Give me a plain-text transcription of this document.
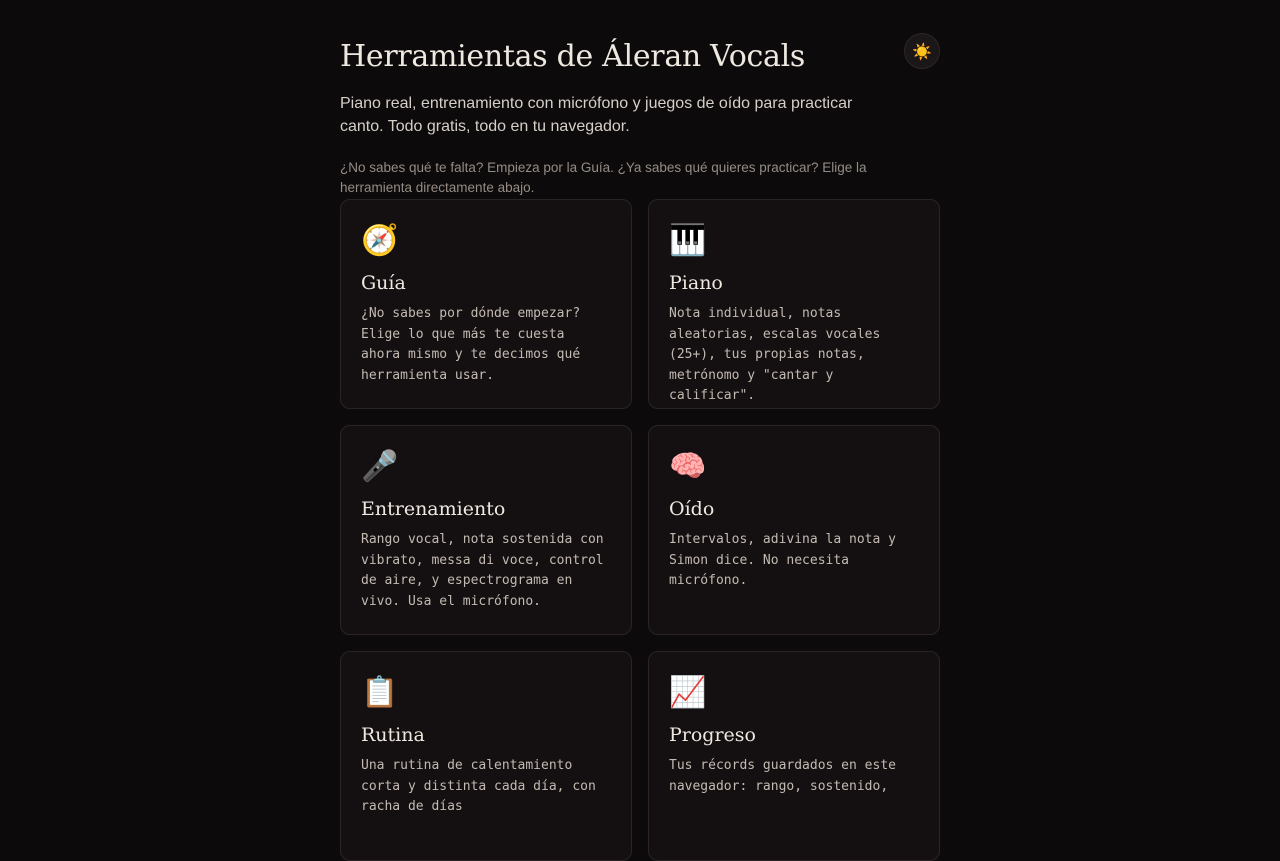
Herramientas de Áleran Vocals	☀️

Piano real, entrenamiento con micrófono y juegos de oído para practicar canto. Todo gratis, todo en tu navegador.

¿No sabes qué te falta? Empieza por la Guía. ¿Ya sabes qué quieres practicar? Elige la herramienta directamente abajo.

🧭
Guía

¿No sabes por dónde empezar? Elige lo que más te cuesta ahora mismo y te decimos qué herramienta usar.

🎹
Piano

Nota individual, notas aleatorias, escalas vocales (25+), tus propias notas, metrónomo y "cantar y calificar".

🎤
Entrenamiento

Rango vocal, nota sostenida con vibrato, messa di voce, control de aire, y espectrograma en vivo. Usa el micrófono.

🧠
Oído

Intervalos, adivina la nota y Simon dice. No necesita micrófono.

📋
Rutina

Una rutina de calentamiento corta y distinta cada día, con racha de días

📈
Progreso

Tus récords guardados en este navegador: rango, sostenido,
